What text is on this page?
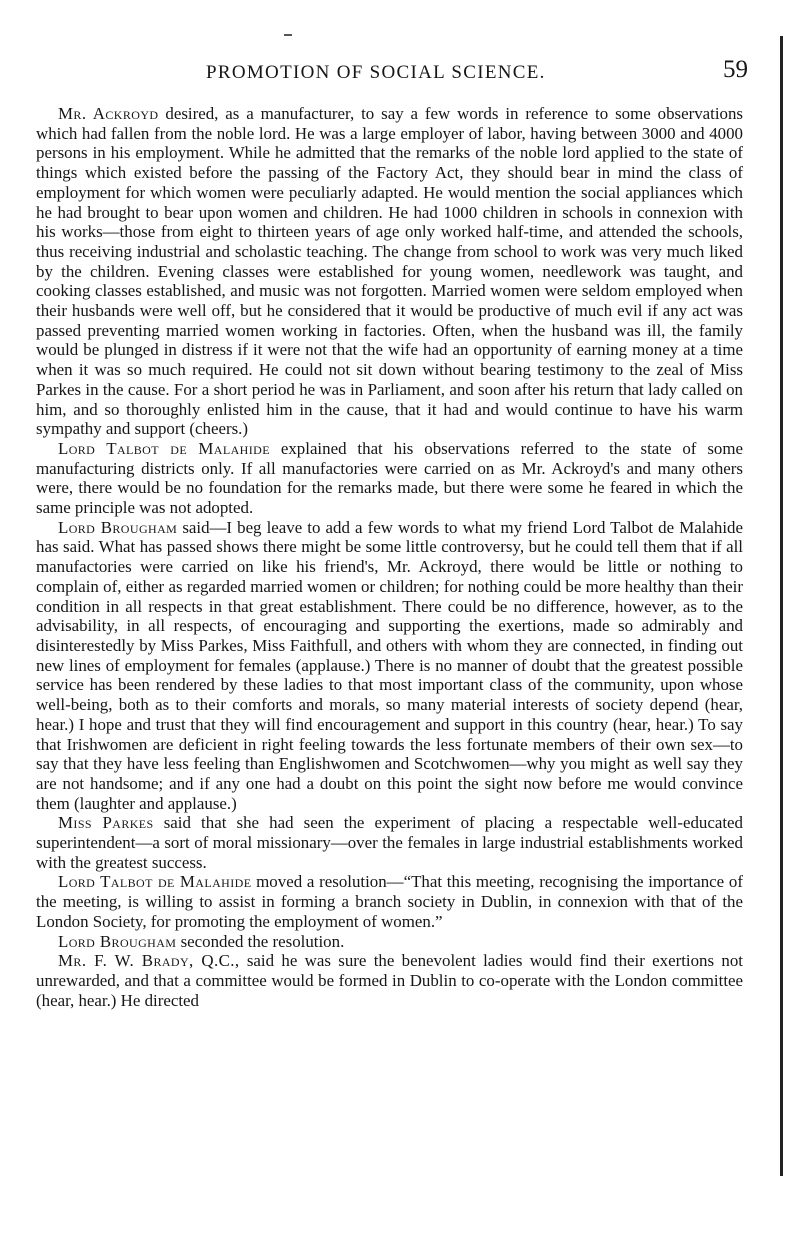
PROMOTION OF SOCIAL SCIENCE.	59

Mr. Ackroyd desired, as a manufacturer, to say a few words in reference to some observations which had fallen from the noble lord. He was a large employer of labor, having between 3000 and 4000 persons in his employment. While he admitted that the remarks of the noble lord applied to the state of things which existed before the passing of the Factory Act, they should bear in mind the class of employment for which women were peculiarly adapted. He would mention the social appliances which he had brought to bear upon women and children. He had 1000 children in schools in connexion with his works—those from eight to thirteen years of age only worked half-time, and attended the schools, thus receiving industrial and scholastic teaching. The change from school to work was very much liked by the children. Evening classes were established for young women, needlework was taught, and cooking classes established, and music was not forgotten. Married women were seldom employed when their husbands were well off, but he considered that it would be productive of much evil if any act was passed preventing married women working in factories. Often, when the husband was ill, the family would be plunged in distress if it were not that the wife had an opportunity of earning money at a time when it was so much required. He could not sit down without bearing testimony to the zeal of Miss Parkes in the cause. For a short period he was in Parliament, and soon after his return that lady called on him, and so thoroughly enlisted him in the cause, that it had and would continue to have his warm sympathy and support (cheers.)

Lord Talbot de Malahide explained that his observations referred to the state of some manufacturing districts only. If all manufactories were carried on as Mr. Ackroyd's and many others were, there would be no foundation for the remarks made, but there were some he feared in which the same principle was not adopted.

Lord Brougham said—I beg leave to add a few words to what my friend Lord Talbot de Malahide has said. What has passed shows there might be some little controversy, but he could tell them that if all manufactories were carried on like his friend's, Mr. Ackroyd, there would be little or nothing to complain of, either as regarded married women or children; for nothing could be more healthy than their condition in all respects in that great establishment. There could be no difference, however, as to the advisability, in all respects, of encouraging and supporting the exertions, made so admirably and disinterestedly by Miss Parkes, Miss Faithfull, and others with whom they are connected, in finding out new lines of employment for females (applause.) There is no manner of doubt that the greatest possible service has been rendered by these ladies to that most important class of the community, upon whose well-being, both as to their comforts and morals, so many material interests of society depend (hear, hear.) I hope and trust that they will find encouragement and support in this country (hear, hear.) To say that Irishwomen are deficient in right feeling towards the less fortunate members of their own sex—to say that they have less feeling than Englishwomen and Scotchwomen—why you might as well say they are not handsome; and if any one had a doubt on this point the sight now before me would convince them (laughter and applause.)

Miss Parkes said that she had seen the experiment of placing a respectable well-educated superintendent—a sort of moral missionary—over the females in large industrial establishments worked with the greatest success.

Lord Talbot de Malahide moved a resolution—“That this meeting, recognising the importance of the meeting, is willing to assist in forming a branch society in Dublin, in connexion with that of the London Society, for promoting the employment of women.”

Lord Brougham seconded the resolution.

Mr. F. W. Brady, Q.C., said he was sure the benevolent ladies would find their exertions not unrewarded, and that a committee would be formed in Dublin to co-operate with the London committee (hear, hear.) He directed
